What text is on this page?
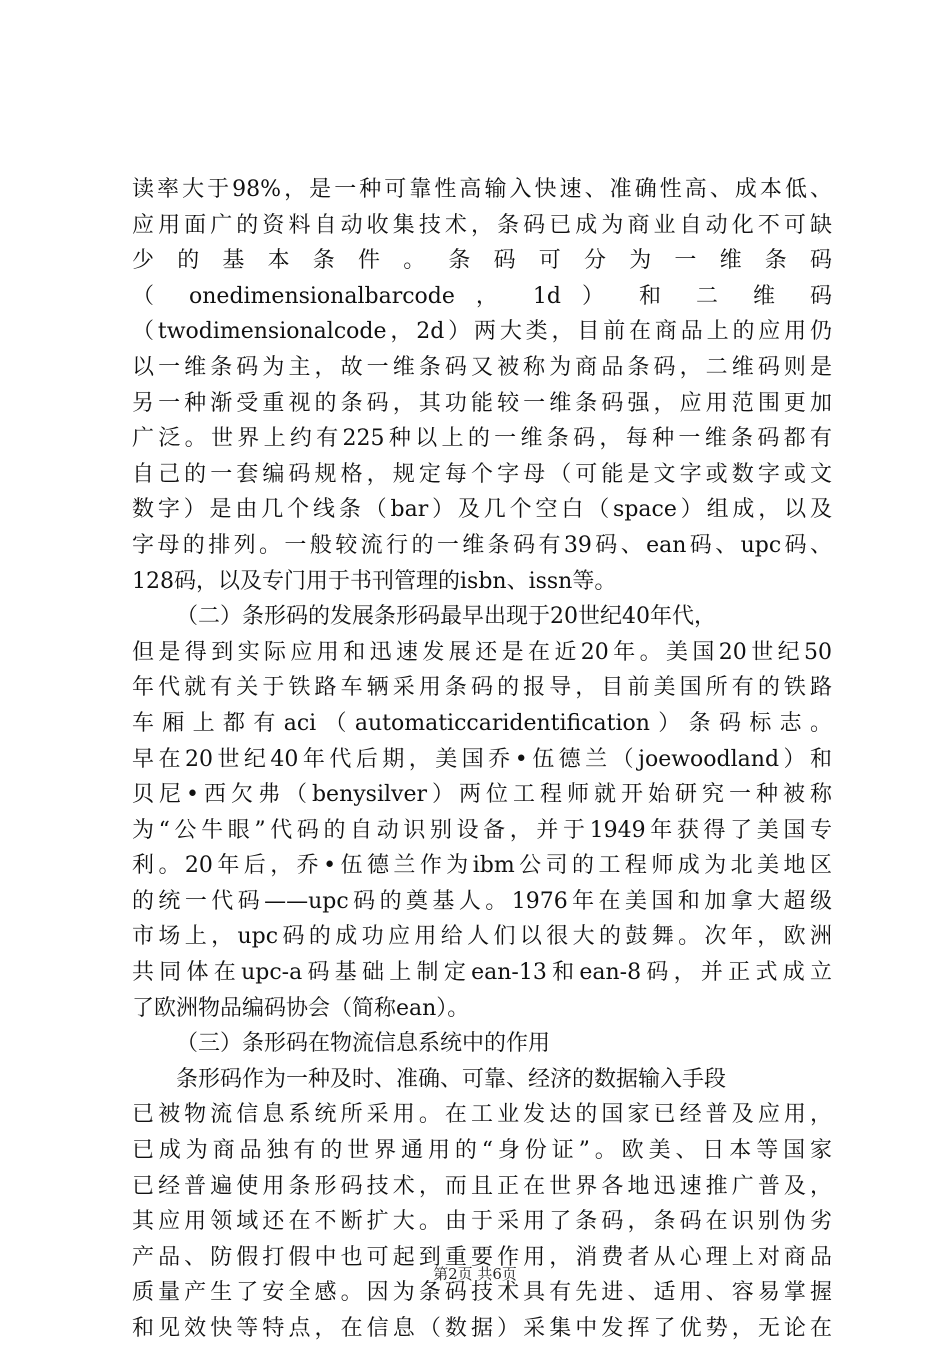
读率大于98%，是一种可靠性高输入快速、准确性高、成本低、
应用面广的资料自动收集技术，条码已成为商业自动化不可缺
少 的 基 本 条 件 。 条 码 可 分 为 一 维 条 码
（ onedimensionalbarcode ， 1d ） 和 二 维 码
（twodimensionalcode，2d）两大类，目前在商品上的应用仍
以一维条码为主，故一维条码又被称为商品条码，二维码则是
另一种渐受重视的条码，其功能较一维条码强，应用范围更加
广泛。世界上约有225种以上的一维条码，每种一维条码都有
自己的一套编码规格，规定每个字母（可能是文字或数字或文
数字）是由几个线条（bar）及几个空白（space）组成，以及
字母的排列。一般较流行的一维条码有39码、ean码、upc码、
128码，以及专门用于书刊管理的isbn、issn等。
（二）条形码的发展条形码最早出现于20世纪40年代，
但是得到实际应用和迅速发展还是在近20年。美国20世纪50
年代就有关于铁路车辆采用条码的报导，目前美国所有的铁路
车厢上都有aci（automaticcaridentification）条码标志。
早在20世纪40年代后期，美国乔•伍德兰（joewoodland）和
贝尼•西欠弗（benysilver）两位工程师就开始研究一种被称
为“公牛眼”代码的自动识别设备，并于1949年获得了美国专
利。20年后，乔•伍德兰作为ibm公司的工程师成为北美地区
的统一代码——upc码的奠基人。1976年在美国和加拿大超级
市场上，upc码的成功应用给人们以很大的鼓舞。次年，欧洲
共同体在upc-a码基础上制定ean-13和ean-8码，并正式成立
了欧洲物品编码协会（简称ean）。
（三）条形码在物流信息系统中的作用
条形码作为一种及时、准确、可靠、经济的数据输入手段
已被物流信息系统所采用。在工业发达的国家已经普及应用，
已成为商品独有的世界通用的“身份证”。欧美、日本等国家
已经普遍使用条形码技术，而且正在世界各地迅速推广普及，
其应用领域还在不断扩大。由于采用了条码，条码在识别伪劣
产品、防假打假中也可起到重要作用，消费者从心理上对商品
质量产生了安全感。因为条码技术具有先进、适用、容易掌握
和见效快等特点，在信息（数据）采集中发挥了优势，无论在
第2页 共6页
